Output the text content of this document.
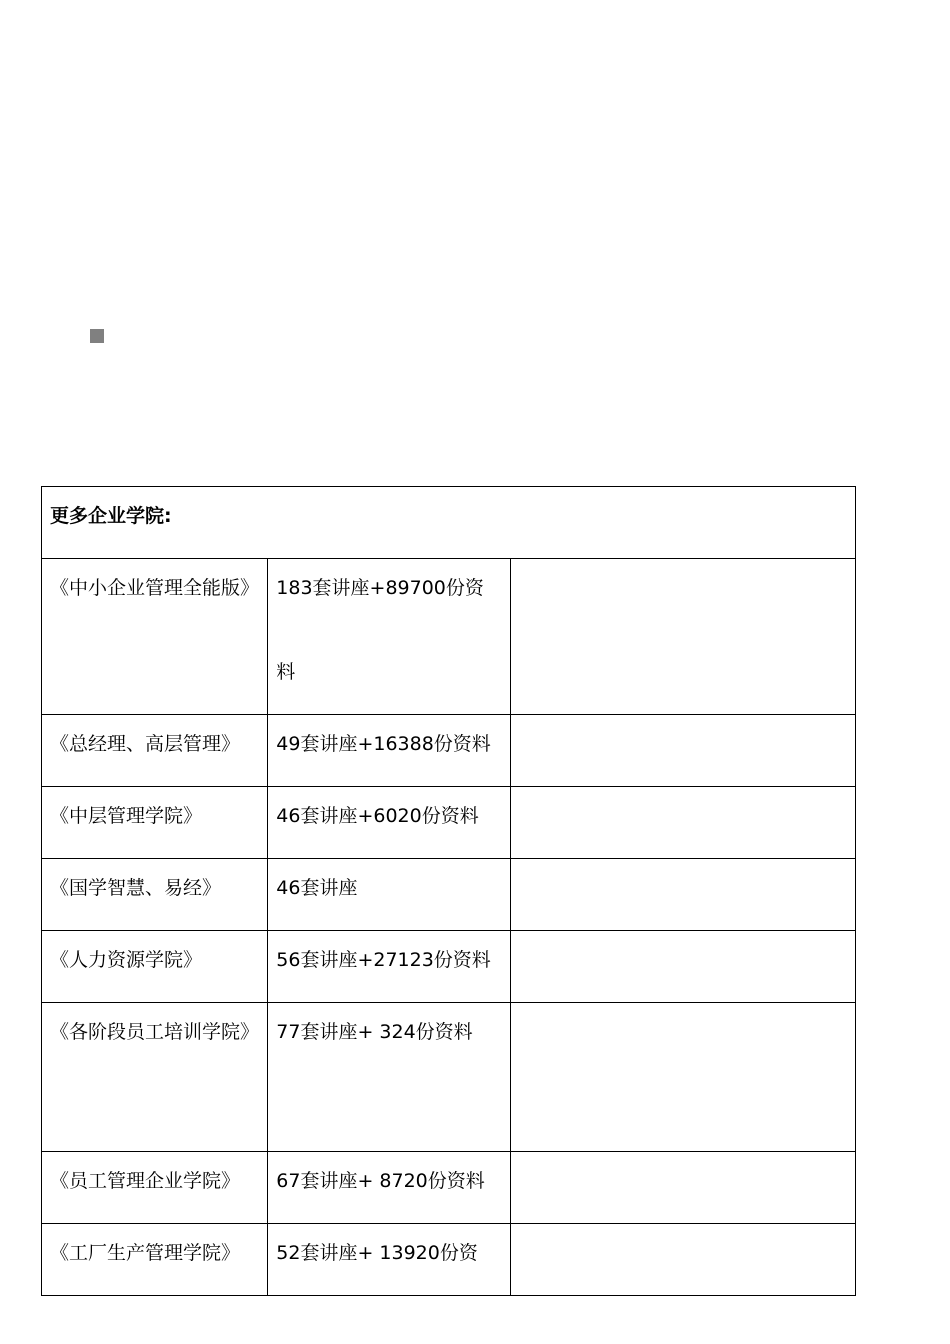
更多企业学院:		

《中小企业管理全能版》	183套讲座+89700份资料	

《总经理、高层管理》	49套讲座+16388份资料	

《中层管理学院》	46套讲座+6020份资料	

《国学智慧、易经》	46套讲座	

《人力资源学院》	56套讲座+27123份资料	

《各阶段员工培训学院》	77套讲座+ 324份资料	

《员工管理企业学院》	67套讲座+ 8720份资料	

《工厂生产管理学院》	52套讲座+ 13920份资	
